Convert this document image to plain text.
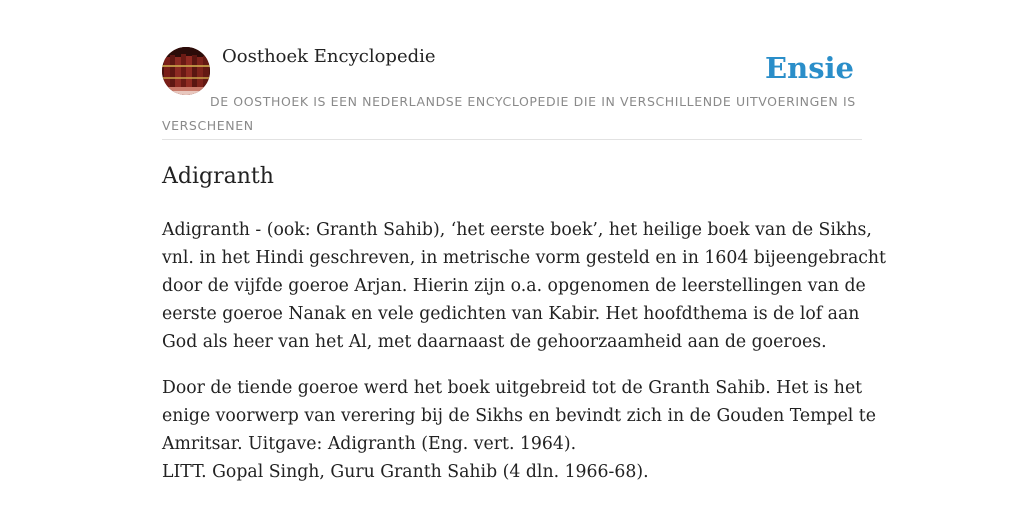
Oosthoek Encyclopedie	Ensie
DE OOSTHOEK IS EEN NEDERLANDSE ENCYCLOPEDIE DIE IN VERSCHILLENDE UITVOERINGEN IS VERSCHENEN
Adigranth

Adigranth - (ook: Granth Sahib), ‘het eerste boek’, het heilige boek van de Sikhs,
vnl. in het Hindi geschreven, in metrische vorm gesteld en in 1604 bijeengebracht
door de vijfde goeroe Arjan. Hierin zijn o.a. opgenomen de leerstellingen van de
eerste goeroe Nanak en vele gedichten van Kabir. Het hoofdthema is de lof aan
God als heer van het Al, met daarnaast de gehoorzaamheid aan de goeroes.

Door de tiende goeroe werd het boek uitgebreid tot de Granth Sahib. Het is het
enige voorwerp van verering bij de Sikhs en bevindt zich in de Gouden Tempel te
Amritsar. Uitgave: Adigranth (Eng. vert. 1964).
LITT. Gopal Singh, Guru Granth Sahib (4 dln. 1966-68).
